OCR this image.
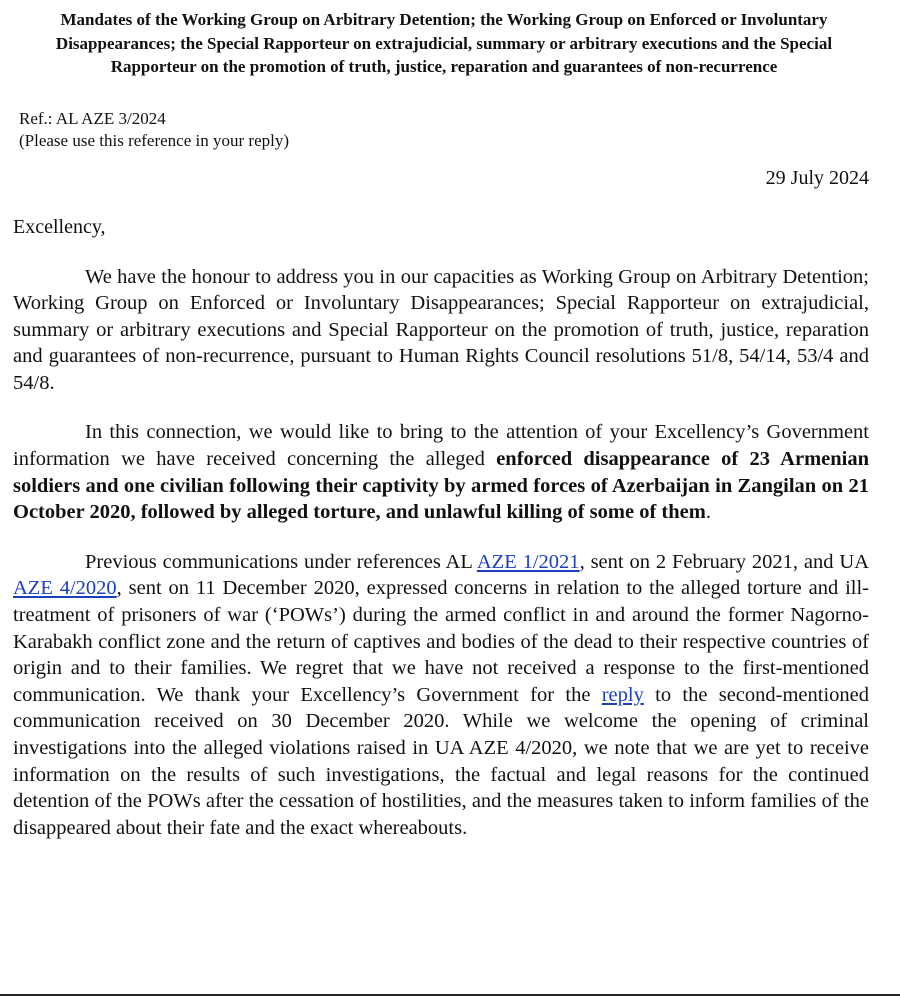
Mandates of the Working Group on Arbitrary Detention; the Working Group on Enforced or Involuntary Disappearances; the Special Rapporteur on extrajudicial, summary or arbitrary executions and the Special Rapporteur on the promotion of truth, justice, reparation and guarantees of non-recurrence
Ref.: AL AZE 3/2024
(Please use this reference in your reply)
29 July 2024
Excellency,

We have the honour to address you in our capacities as Working Group on Arbitrary Detention; Working Group on Enforced or Involuntary Disappearances; Special Rapporteur on extrajudicial, summary or arbitrary executions and Special Rapporteur on the promotion of truth, justice, reparation and guarantees of non-recurrence, pursuant to Human Rights Council resolutions 51/8, 54/14, 53/4 and 54/8.

In this connection, we would like to bring to the attention of your Excellency’s Government information we have received concerning the alleged enforced disappearance of 23 Armenian soldiers and one civilian following their captivity by armed forces of Azerbaijan in Zangilan on 21 October 2020, followed by alleged torture, and unlawful killing of some of them.

Previous communications under references AL AZE 1/2021, sent on 2 February 2021, and UA AZE 4/2020, sent on 11 December 2020, expressed concerns in relation to the alleged torture and ill-treatment of prisoners of war (‘POWs’) during the armed conflict in and around the former Nagorno-Karabakh conflict zone and the return of captives and bodies of the dead to their respective countries of origin and to their families. We regret that we have not received a response to the first-mentioned communication. We thank your Excellency’s Government for the reply to the second-mentioned communication received on 30 December 2020. While we welcome the opening of criminal investigations into the alleged violations raised in UA AZE 4/2020, we note that we are yet to receive information on the results of such investigations, the factual and legal reasons for the continued detention of the POWs after the cessation of hostilities, and the measures taken to inform families of the disappeared about their fate and the exact whereabouts.
